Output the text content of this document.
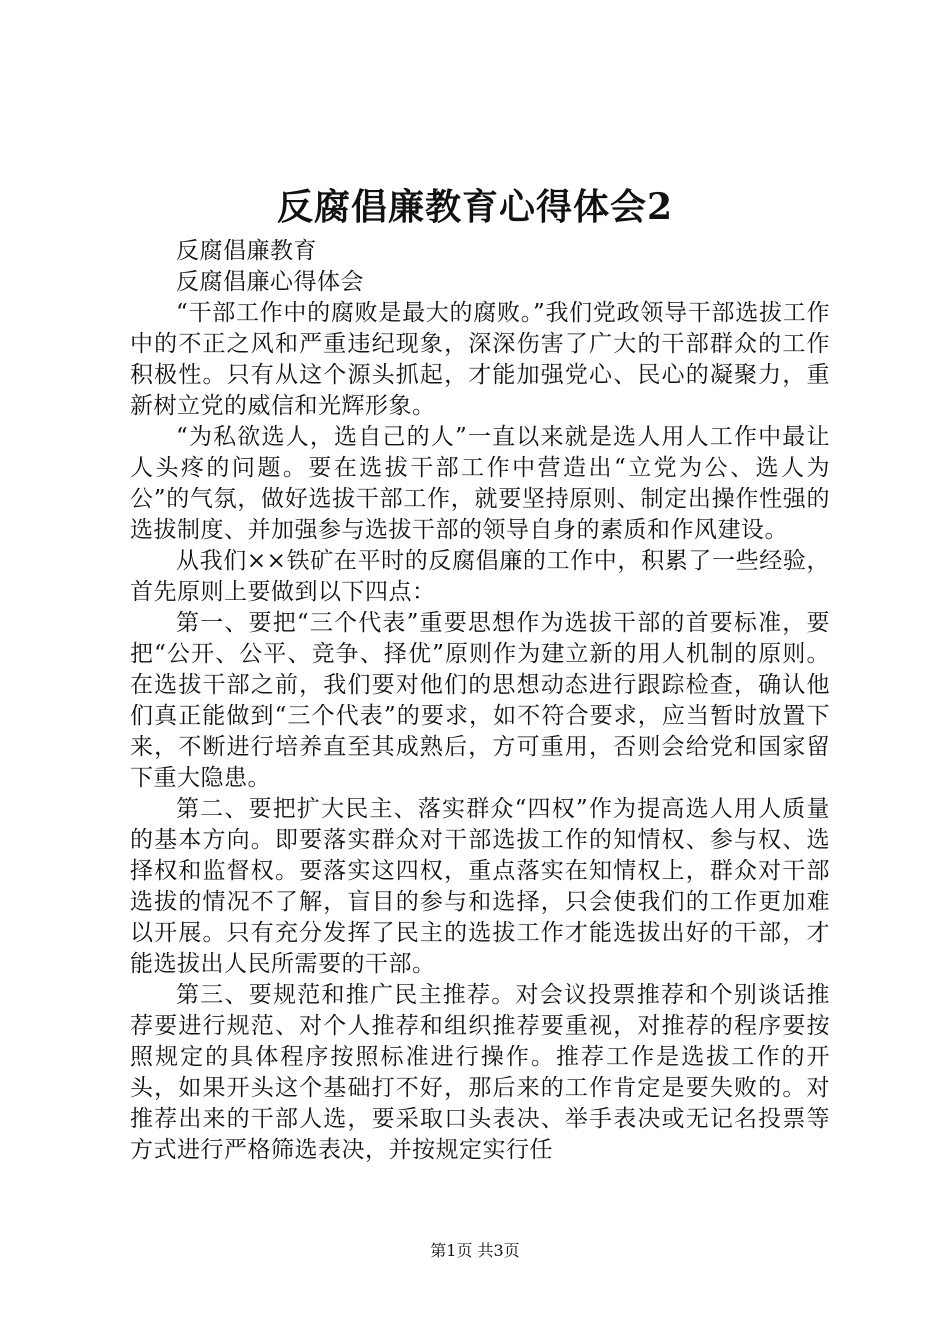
反腐倡廉教育心得体会2

反腐倡廉教育

反腐倡廉心得体会

“干部工作中的腐败是最大的腐败。”我们党政领导干部选拔工作中的不正之风和严重违纪现象，深深伤害了广大的干部群众的工作积极性。只有从这个源头抓起，才能加强党心、民心的凝聚力，重新树立党的威信和光辉形象。

“为私欲选人，选自己的人”一直以来就是选人用人工作中最让人头疼的问题。要在选拔干部工作中营造出“立党为公、选人为公”的气氛，做好选拔干部工作，就要坚持原则、制定出操作性强的选拔制度、并加强参与选拔干部的领导自身的素质和作风建设。

从我们××铁矿在平时的反腐倡廉的工作中，积累了一些经验，首先原则上要做到以下四点：

第一、要把“三个代表”重要思想作为选拔干部的首要标准，要把“公开、公平、竞争、择优”原则作为建立新的用人机制的原则。在选拔干部之前，我们要对他们的思想动态进行跟踪检查，确认他们真正能做到“三个代表”的要求，如不符合要求，应当暂时放置下来，不断进行培养直至其成熟后，方可重用，否则会给党和国家留下重大隐患。

第二、要把扩大民主、落实群众“四权”作为提高选人用人质量的基本方向。即要落实群众对干部选拔工作的知情权、参与权、选择权和监督权。要落实这四权，重点落实在知情权上，群众对干部选拔的情况不了解，盲目的参与和选择，只会使我们的工作更加难以开展。只有充分发挥了民主的选拔工作才能选拔出好的干部，才能选拔出人民所需要的干部。

第三、要规范和推广民主推荐。对会议投票推荐和个别谈话推荐要进行规范、对个人推荐和组织推荐要重视，对推荐的程序要按照规定的具体程序按照标准进行操作。推荐工作是选拔工作的开头，如果开头这个基础打不好，那后来的工作肯定是要失败的。对推荐出来的干部人选，要采取口头表决、举手表决或无记名投票等方式进行严格筛选表决，并按规定实行任

第1页 共3页
